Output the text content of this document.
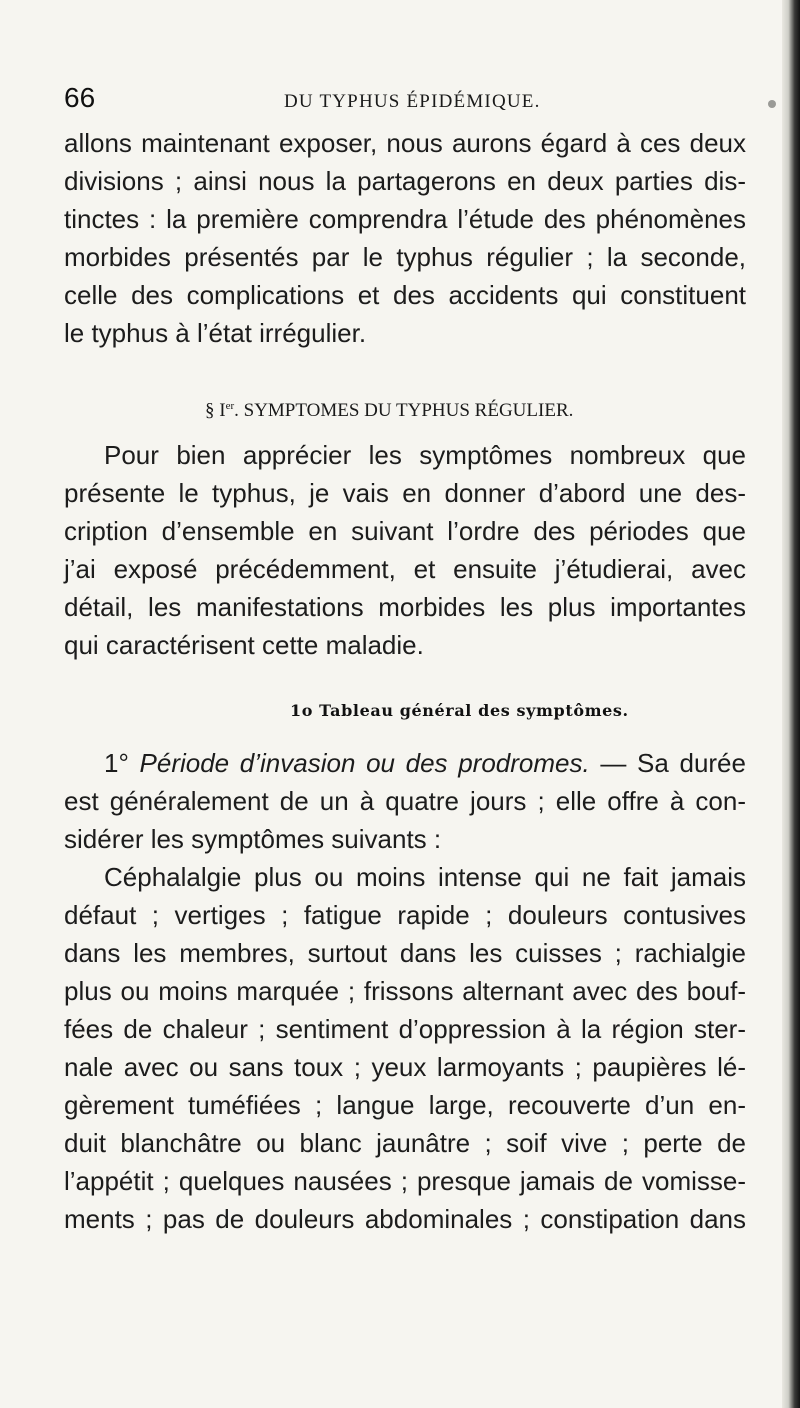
66	DU TYPHUS ÉPIDÉMIQUE.
allons maintenant exposer, nous aurons égard à ces deux
divisions ; ainsi nous la partagerons en deux parties dis-
tinctes : la première comprendra l’étude des phénomènes
morbides présentés par le typhus régulier ; la seconde,
celle des complications et des accidents qui constituent
le typhus à l’état irrégulier.
§ Ier. SYMPTOMES DU TYPHUS RÉGULIER.
Pour bien apprécier les symptômes nombreux que
présente le typhus, je vais en donner d’abord une des-
cription d’ensemble en suivant l’ordre des périodes que
j’ai exposé précédemment, et ensuite j’étudierai, avec
détail, les manifestations morbides les plus importantes
qui caractérisent cette maladie.
1o Tableau général des symptômes.
1° Période d’invasion ou des prodromes. — Sa durée
est généralement de un à quatre jours ; elle offre à con-
sidérer les symptômes suivants :
Céphalalgie plus ou moins intense qui ne fait jamais
défaut ; vertiges ; fatigue rapide ; douleurs contusives
dans les membres, surtout dans les cuisses ; rachialgie
plus ou moins marquée ; frissons alternant avec des bouf-
fées de chaleur ; sentiment d’oppression à la région ster-
nale avec ou sans toux ; yeux larmoyants ; paupières lé-
gèrement tuméfiées ; langue large, recouverte d’un en-
duit blanchâtre ou blanc jaunâtre ; soif vive ; perte de
l’appétit ; quelques nausées ; presque jamais de vomisse-
ments ; pas de douleurs abdominales ; constipation dans
